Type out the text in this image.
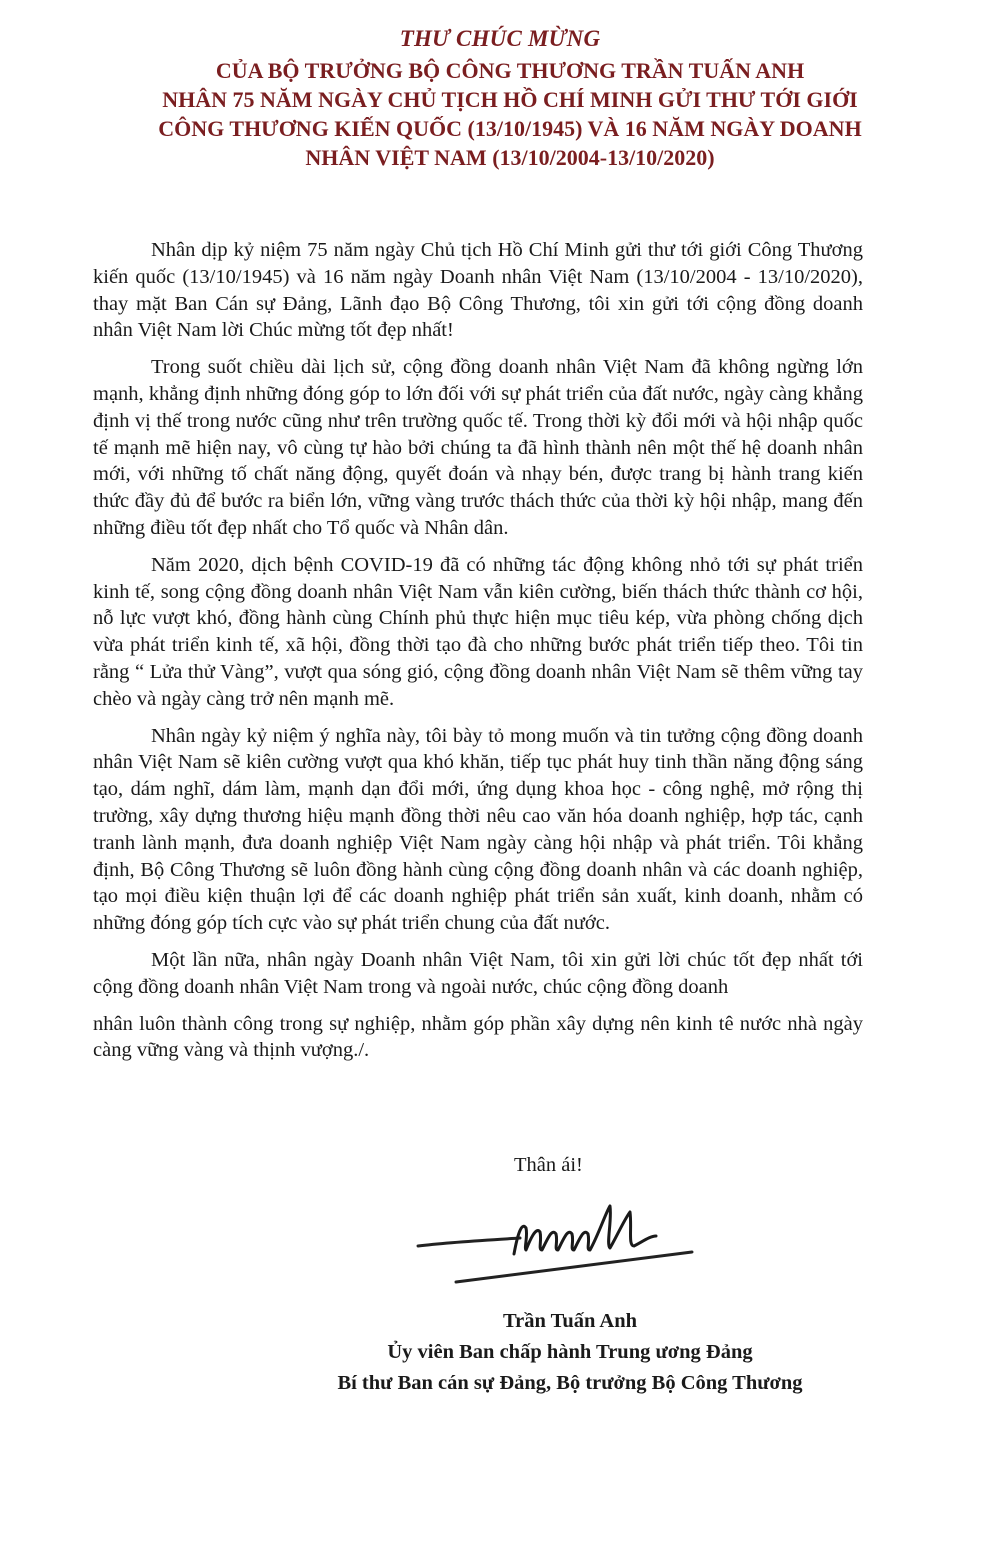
THƯ CHÚC MỪNG
CỦA BỘ TRƯỞNG BỘ CÔNG THƯƠNG TRẦN TUẤN ANH
NHÂN 75 NĂM NGÀY CHỦ TỊCH HỒ CHÍ MINH GỬI THƯ TỚI GIỚI
CÔNG THƯƠNG KIẾN QUỐC (13/10/1945) VÀ 16 NĂM NGÀY DOANH
NHÂN VIỆT NAM (13/10/2004-13/10/2020)

Nhân dịp kỷ niệm 75 năm ngày Chủ tịch Hồ Chí Minh gửi thư tới giới Công Thương kiến quốc (13/10/1945) và 16 năm ngày Doanh nhân Việt Nam (13/10/2004 - 13/10/2020), thay mặt Ban Cán sự Đảng, Lãnh đạo Bộ Công Thương, tôi xin gửi tới cộng đồng doanh nhân Việt Nam lời Chúc mừng tốt đẹp nhất!

Trong suốt chiều dài lịch sử, cộng đồng doanh nhân Việt Nam đã không ngừng lớn mạnh, khẳng định những đóng góp to lớn đối với sự phát triển của đất nước, ngày càng khẳng định vị thế trong nước cũng như trên trường quốc tế. Trong thời kỳ đổi mới và hội nhập quốc tế mạnh mẽ hiện nay, vô cùng tự hào bởi chúng ta đã hình thành nên một thế hệ doanh nhân mới, với những tố chất năng động, quyết đoán và nhạy bén, được trang bị hành trang kiến thức đầy đủ để bước ra biển lớn, vững vàng trước thách thức của thời kỳ hội nhập, mang đến những điều tốt đẹp nhất cho Tổ quốc và Nhân dân.

Năm 2020, dịch bệnh COVID-19 đã có những tác động không nhỏ tới sự phát triển kinh tế, song cộng đồng doanh nhân Việt Nam vẫn kiên cường, biến thách thức thành cơ hội, nỗ lực vượt khó, đồng hành cùng Chính phủ thực hiện mục tiêu kép, vừa phòng chống dịch vừa phát triển kinh tế, xã hội, đồng thời tạo đà cho những bước phát triển tiếp theo. Tôi tin rằng “ Lửa thử Vàng”, vượt qua sóng gió, cộng đồng doanh nhân Việt Nam sẽ thêm vững tay chèo và ngày càng trở nên mạnh mẽ.

Nhân ngày kỷ niệm ý nghĩa này, tôi bày tỏ mong muốn và tin tưởng cộng đồng doanh nhân Việt Nam sẽ kiên cường vượt qua khó khăn, tiếp tục phát huy tinh thần năng động sáng tạo, dám nghĩ, dám làm, mạnh dạn đổi mới, ứng dụng khoa học - công nghệ, mở rộng thị trường, xây dựng thương hiệu mạnh đồng thời nêu cao văn hóa doanh nghiệp, hợp tác, cạnh tranh lành mạnh, đưa doanh nghiệp Việt Nam ngày càng hội nhập và phát triển. Tôi khẳng định, Bộ Công Thương sẽ luôn đồng hành cùng cộng đồng doanh nhân và các doanh nghiệp, tạo mọi điều kiện thuận lợi để các doanh nghiệp phát triển sản xuất, kinh doanh, nhằm có những đóng góp tích cực vào sự phát triển chung của đất nước.

Một lần nữa, nhân ngày Doanh nhân Việt Nam, tôi xin gửi lời chúc tốt đẹp nhất tới cộng đồng doanh nhân Việt Nam trong và ngoài nước, chúc cộng đồng doanh

nhân luôn thành công trong sự nghiệp, nhằm góp phần xây dựng nên kinh tê nước nhà ngày càng vững vàng và thịnh vượng./.

Thân ái!
Trần Tuấn Anh
Ủy viên Ban chấp hành Trung ương Đảng
Bí thư Ban cán sự Đảng, Bộ trưởng Bộ Công Thương
